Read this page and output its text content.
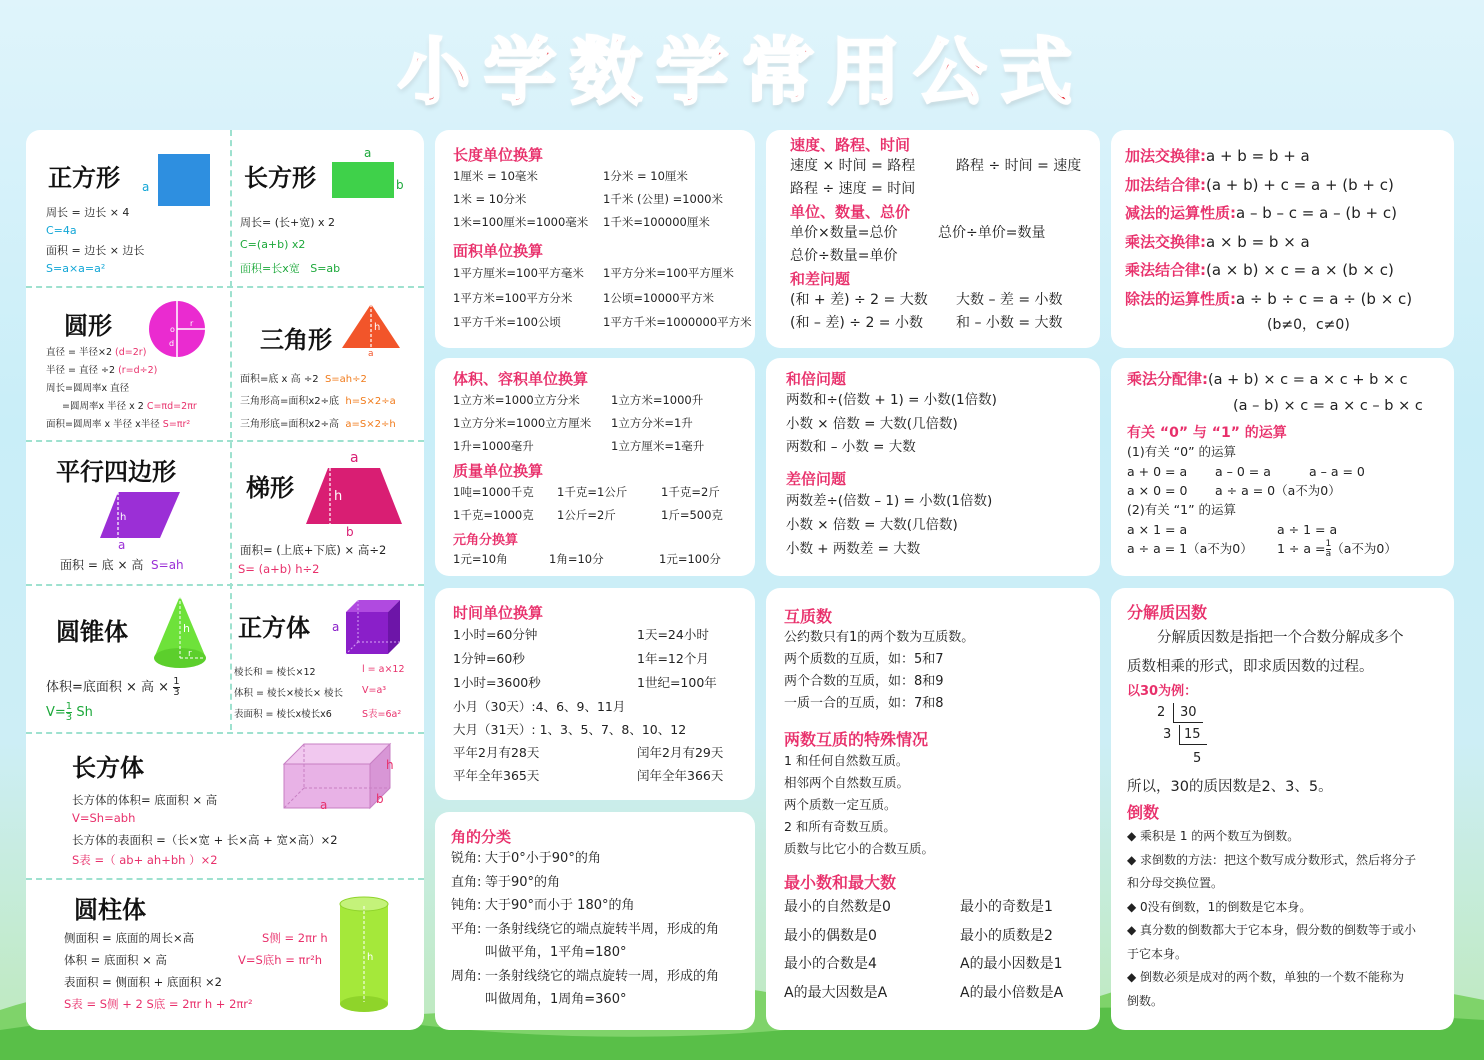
小学数学常用公式
正方形 a
周长 = 边长 × 4
C=4a
面积 = 边长 × 边长
S=a×a=a²
长方形
a
b
周长= (长+宽) x 2
C=(a+b) x2
面积=长x宽 S=ab
圆形	o
r
d
直径 = 半径×2 (d=2r)
半径 = 直径 ÷2 (r=d÷2)
周长=圆周率x 直径
=圆周率x 半径 x 2 C=πd=2πr
面积=圆周率 x 半径 x半径 S=πr²
三角形	h
a
面积=底 x 高 ÷2 S=ah÷2
三角形高=面积x2÷底 h=S×2÷a
三角形底=面积x2÷高 a=S×2÷h
平行四边形
h
a
面积 = 底 × 高 S=ah
梯形
a
h
b
面积= (上底+下底) × 高÷2
S= (a+b) h÷2
圆锥体	h
r
体积=底面积 × 高 × $\frac{1}{3}$
$V=\frac{1}{3}$ Sh
正方体 a
棱长和 = 棱长×12	l = a×12
体积 = 棱长×棱长× 棱长 V=a³
表面积 = 棱长x棱长x6	S表=6a²
长方体	h
a	b
长方体的体积= 底面积 × 高
V=Sh=abh
长方体的表面积 =（长×宽 + 长×高 + 宽×高）×2
S表 =（ ab+ ah+bh ）×2
圆柱体
h
侧面积 = 底面的周长×高	S侧 = 2πr h
体积 = 底面积 × 高	V=S底h = πr²h
表面积 = 侧面积 + 底面积 ×2
S表 = S侧 + 2 S底 = 2πr h + 2πr²
长度单位换算
1厘米 = 10毫米	1分米 = 10厘米
1米 = 10分米	1千米 (公里) =1000米
1米=100厘米=1000毫米	1千米=100000厘米
面积单位换算
1平方厘米=100平方毫米	1平方分米=100平方厘米
1平方米=100平方分米	1公顷=10000平方米
1平方千米=100公顷	1平方千米=1000000平方米
体积、容积单位换算
1立方米=1000立方分米	1立方米=1000升
1立方分米=1000立方厘米	1立方分米=1升
1升=1000毫升	1立方厘米=1毫升
质量单位换算
1吨=1000千克	1千克=1公斤	1千克=2斤
1千克=1000克	1公斤=2斤	1斤=500克
元角分换算
1元=10角	1角=10分	1元=100分
时间单位换算
1小时=60分钟	1天=24小时
1分钟=60秒	1年=12个月
1小时=3600秒	1世纪=100年
小月（30天）:4、6、9、11月
大月（31天）: 1、3、5、7、8、10、12
平年2月有28天	闰年2月有29天
平年全年365天	闰年全年366天
角的分类
锐角: 大于0°小于90°的角
直角: 等于90°的角
钝角: 大于90°而小于 180°的角
平角: 一条射线绕它的端点旋转半周，形成的角
叫做平角，1平角=180°
周角: 一条射线绕它的端点旋转一周，形成的角
叫做周角，1周角=360°
速度、路程、时间
速度 × 时间 = 路程	路程 ÷ 时间 = 速度
路程 ÷ 速度 = 时间
单位、数量、总价
单价×数量=总价	总价÷单价=数量
总价÷数量=单价
和差问题
(和 + 差) ÷ 2 = 大数	大数 – 差 = 小数
(和 – 差) ÷ 2 = 小数	和 – 小数 = 大数
和倍问题
两数和÷(倍数 + 1) = 小数(1倍数)
小数 × 倍数 = 大数(几倍数)
两数和 – 小数 = 大数
差倍问题
两数差÷(倍数 – 1) = 小数(1倍数)
小数 × 倍数 = 大数(几倍数)
小数 + 两数差 = 大数
互质数
公约数只有1的两个数为互质数。
两个质数的互质，如：5和7
两个合数的互质，如：8和9
一质一合的互质，如：7和8
两数互质的特殊情况
1 和任何自然数互质。
相邻两个自然数互质。
两个质数一定互质。
2 和所有奇数互质。
质数与比它小的合数互质。
最小数和最大数
最小的自然数是0	最小的奇数是1
最小的偶数是0	最小的质数是2
最小的合数是4	A的最小因数是1
A的最大因数是A	A的最小倍数是A
加法交换律:a + b = b + a
加法结合律:(a + b) + c = a + (b + c)
减法的运算性质:a – b – c = a – (b + c)
乘法交换律:a × b = b × a
乘法结合律:(a × b) × c = a × (b × c)
除法的运算性质:a ÷ b ÷ c = a ÷ (b × c)
(b≠0，c≠0)
乘法分配律:(a + b) × c = a × c + b × c
(a – b) × c = a × c – b × c
有关 “0” 与 “1” 的运算
(1)有关 “0” 的运算
a + 0 = a	a – 0 = a	a – a = 0
a × 0 = 0	a ÷ a = 0（a不为0）
(2)有关 “1” 的运算
a × 1 = a	a ÷ 1 = a
a ÷ a = 1（a不为0）	$1 \div a =\frac{1}{a}(a$不为0）
分解质因数
分解质因数是指把一个合数分解成多个
质数相乘的形式，即求质因数的过程。
以30为例：
2	30
3 15
5
所以，30的质因数是2、3、5。
倒数
◆ 乘积是 1 的两个数互为倒数。
◆ 求倒数的方法：把这个数写成分数形式，然后将分子
和分母交换位置。
◆ 0没有倒数，1的倒数是它本身。
◆ 真分数的倒数都大于它本身，假分数的倒数等于或小
于它本身。
◆ 倒数必须是成对的两个数，单独的一个数不能称为
倒数。
